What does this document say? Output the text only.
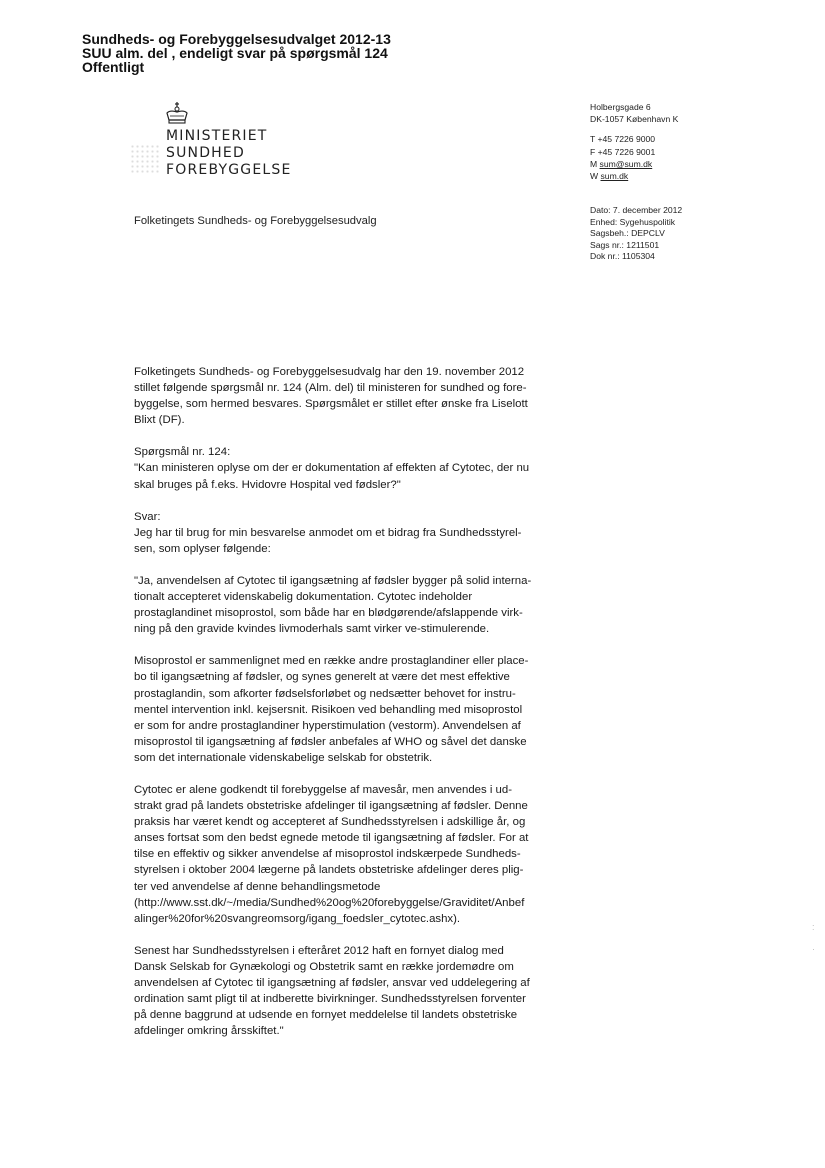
Sundheds- og Forebyggelsesudvalget 2012-13
SUU alm. del , endeligt svar på spørgsmål 124
Offentligt
MINISTERIET
SUNDHED
FOREBYGGELSE
Holbergsgade 6
DK-1057 København K
T +45 7226 9000
F +45 7226 9001
M sum@sum.dk
W sum.dk
Dato: 7. december 2012
Enhed: Sygehuspolitik
Sagsbeh.: DEPCLV
Sags nr.: 1211501
Dok nr.: 1105304
Folketingets Sundheds- og Forebyggelsesudvalg

Folketingets Sundheds- og Forebyggelsesudvalg har den 19. november 2012
stillet følgende spørgsmål nr. 124 (Alm. del) til ministeren for sundhed og fore-
byggelse, som hermed besvares. Spørgsmålet er stillet efter ønske fra Liselott
Blixt (DF).

Spørgsmål nr. 124:
"Kan ministeren oplyse om der er dokumentation af effekten af Cytotec, der nu
skal bruges på f.eks. Hvidovre Hospital ved fødsler?"

Svar:
Jeg har til brug for min besvarelse anmodet om et bidrag fra Sundhedsstyrel-
sen, som oplyser følgende:

"Ja, anvendelsen af Cytotec til igangsætning af fødsler bygger på solid interna-
tionalt accepteret videnskabelig dokumentation. Cytotec indeholder
prostaglandinet misoprostol, som både har en blødgørende/afslappende virk-
ning på den gravide kvindes livmoderhals samt virker ve-stimulerende.

Misoprostol er sammenlignet med en række andre prostaglandiner eller place-
bo til igangsætning af fødsler, og synes generelt at være det mest effektive
prostaglandin, som afkorter fødselsforløbet og nedsætter behovet for instru-
mentel intervention inkl. kejsersnit. Risikoen ved behandling med misoprostol
er som for andre prostaglandiner hyperstimulation (vestorm). Anvendelsen af
misoprostol til igangsætning af fødsler anbefales af WHO og såvel det danske
som det internationale videnskabelige selskab for obstetrik.

Cytotec er alene godkendt til forebyggelse af mavesår, men anvendes i ud-
strakt grad på landets obstetriske afdelinger til igangsætning af fødsler. Denne
praksis har været kendt og accepteret af Sundhedsstyrelsen i adskillige år, og
anses fortsat som den bedst egnede metode til igangsætning af fødsler. For at
tilse en effektiv og sikker anvendelse af misoprostol indskærpede Sundheds-
styrelsen i oktober 2004 lægerne på landets obstetriske afdelinger deres plig-
ter ved anvendelse af denne behandlingsmetode
(http://www.sst.dk/~/media/Sundhed%20og%20forebyggelse/Graviditet/Anbef
alinger%20for%20svangreomsorg/igang_foedsler_cytotec.ashx).

Senest har Sundhedsstyrelsen i efteråret 2012 haft en fornyet dialog med
Dansk Selskab for Gynækologi og Obstetrik samt en række jordemødre om
anvendelsen af Cytotec til igangsætning af fødsler, ansvar ved uddelegering af
ordination samt pligt til at indberette bivirkninger. Sundhedsstyrelsen forventer
på denne baggrund at udsende en fornyet meddelelse til landets obstetriske
afdelinger omkring årsskiftet."

:
·
